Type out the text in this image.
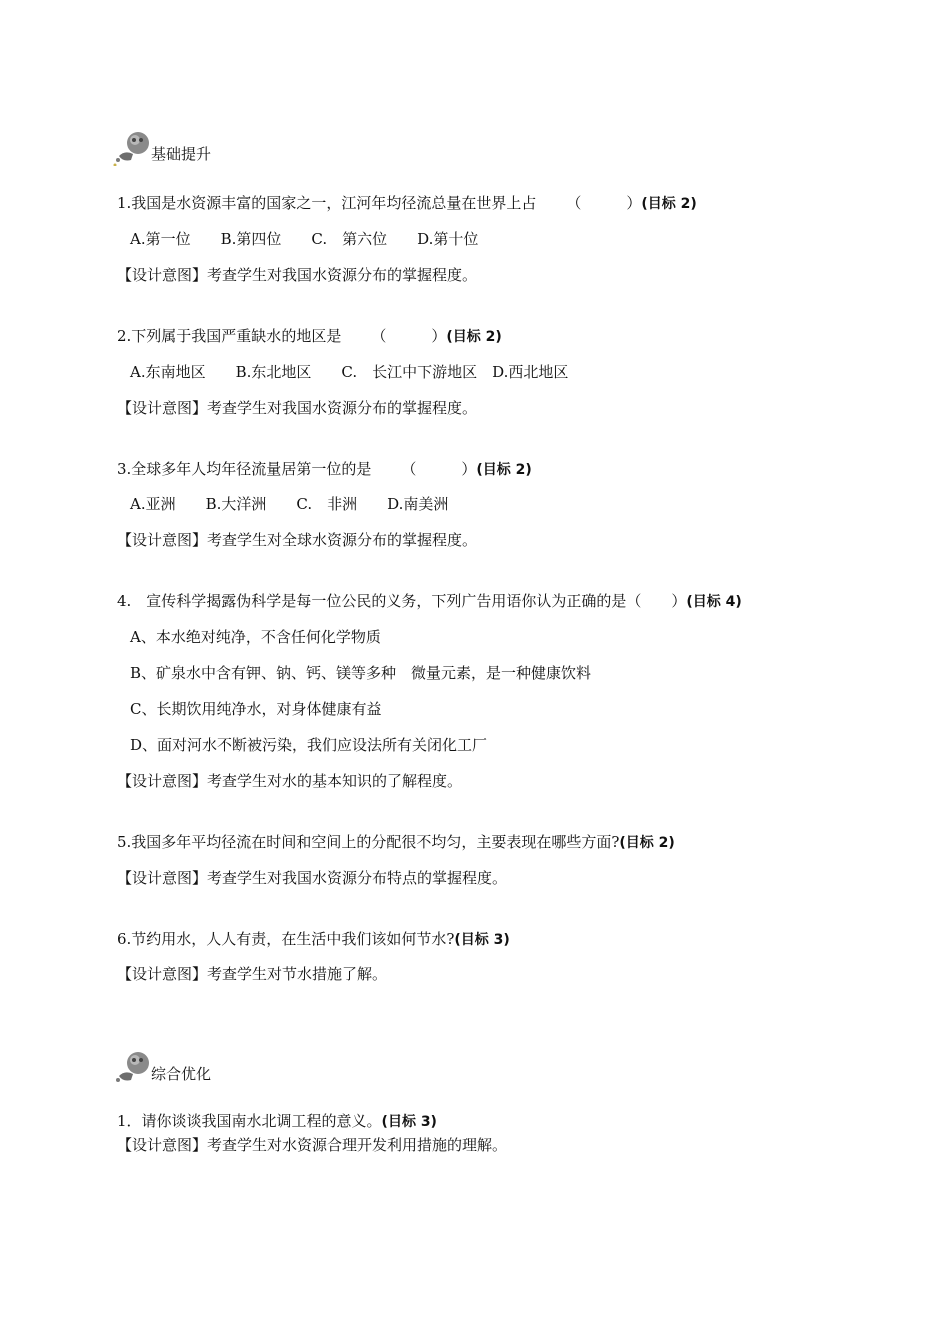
基础提升
1.我国是水资源丰富的国家之一，江河年均径流总量在世界上占　　 （　　　）(目标 2)
A.第一位　　B.第四位　　C.　第六位　　D.第十位
【设计意图】考查学生对我国水资源分布的掌握程度。
2.下列属于我国严重缺水的地区是　　 （　　　）(目标 2)
A.东南地区　　B.东北地区　　C.　长江中下游地区　D.西北地区
【设计意图】考查学生对我国水资源分布的掌握程度。
3.全球多年人均年径流量居第一位的是　　 （　　　）(目标 2)
A.亚洲　　B.大洋洲　　C.　非洲　　D.南美洲
【设计意图】考查学生对全球水资源分布的掌握程度。
4.　宣传科学揭露伪科学是每一位公民的义务，下列广告用语你认为正确的是（　　）(目标 4)
A、本水绝对纯净，不含任何化学物质
B、矿泉水中含有钾、钠、钙、镁等多种　微量元素，是一种健康饮料
C、长期饮用纯净水，对身体健康有益
D、面对河水不断被污染，我们应设法所有关闭化工厂
【设计意图】考查学生对水的基本知识的了解程度。
5.我国多年平均径流在时间和空间上的分配很不均匀，主要表现在哪些方面?(目标 2)
【设计意图】考查学生对我国水资源分布特点的掌握程度。
6.节约用水，人人有责，在生活中我们该如何节水?(目标 3)
【设计意图】考查学生对节水措施了解。
综合优化
1．请你谈谈我国南水北调工程的意义。(目标 3)
【设计意图】考查学生对水资源合理开发利用措施的理解。
